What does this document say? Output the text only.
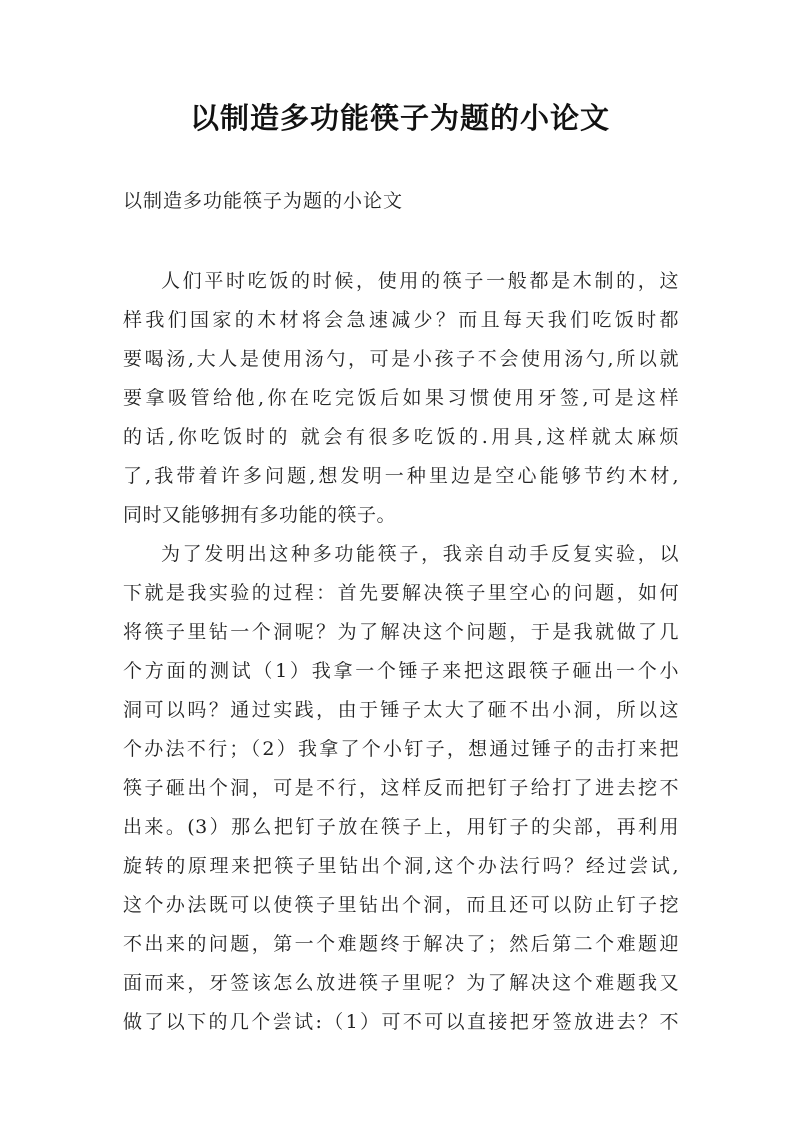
以制造多功能筷子为题的小论文

以制造多功能筷子为题的小论文

人们平时吃饭的时候，使用的筷子一般都是木制的，这
样我们国家的木材将会急速减少？而且每天我们吃饭时都
要喝汤,大人是使用汤勺，可是小孩子不会使用汤勺,所以就
要拿吸管给他,你在吃完饭后如果习惯使用牙签,可是这样
的话,你吃饭时的 就会有很多吃饭的.用具,这样就太麻烦
了,我带着许多问题,想发明一种里边是空心能够节约木材,
同时又能够拥有多功能的筷子。
为了发明出这种多功能筷子，我亲自动手反复实验，以
下就是我实验的过程：首先要解决筷子里空心的问题，如何
将筷子里钻一个洞呢？为了解决这个问题，于是我就做了几
个方面的测试（1）我拿一个锤子来把这跟筷子砸出一个小
洞可以吗？通过实践，由于锤子太大了砸不出小洞，所以这
个办法不行；（2）我拿了个小钉子，想通过锤子的击打来把
筷子砸出个洞，可是不行，这样反而把钉子给打了进去挖不
出来。(3）那么把钉子放在筷子上，用钉子的尖部，再利用
旋转的原理来把筷子里钻出个洞,这个办法行吗？经过尝试,
这个办法既可以使筷子里钻出个洞，而且还可以防止钉子挖
不出来的问题，第一个难题终于解决了；然后第二个难题迎
面而来，牙签该怎么放进筷子里呢？为了解决这个难题我又
做了以下的几个尝试:（1）可不可以直接把牙签放进去？不
